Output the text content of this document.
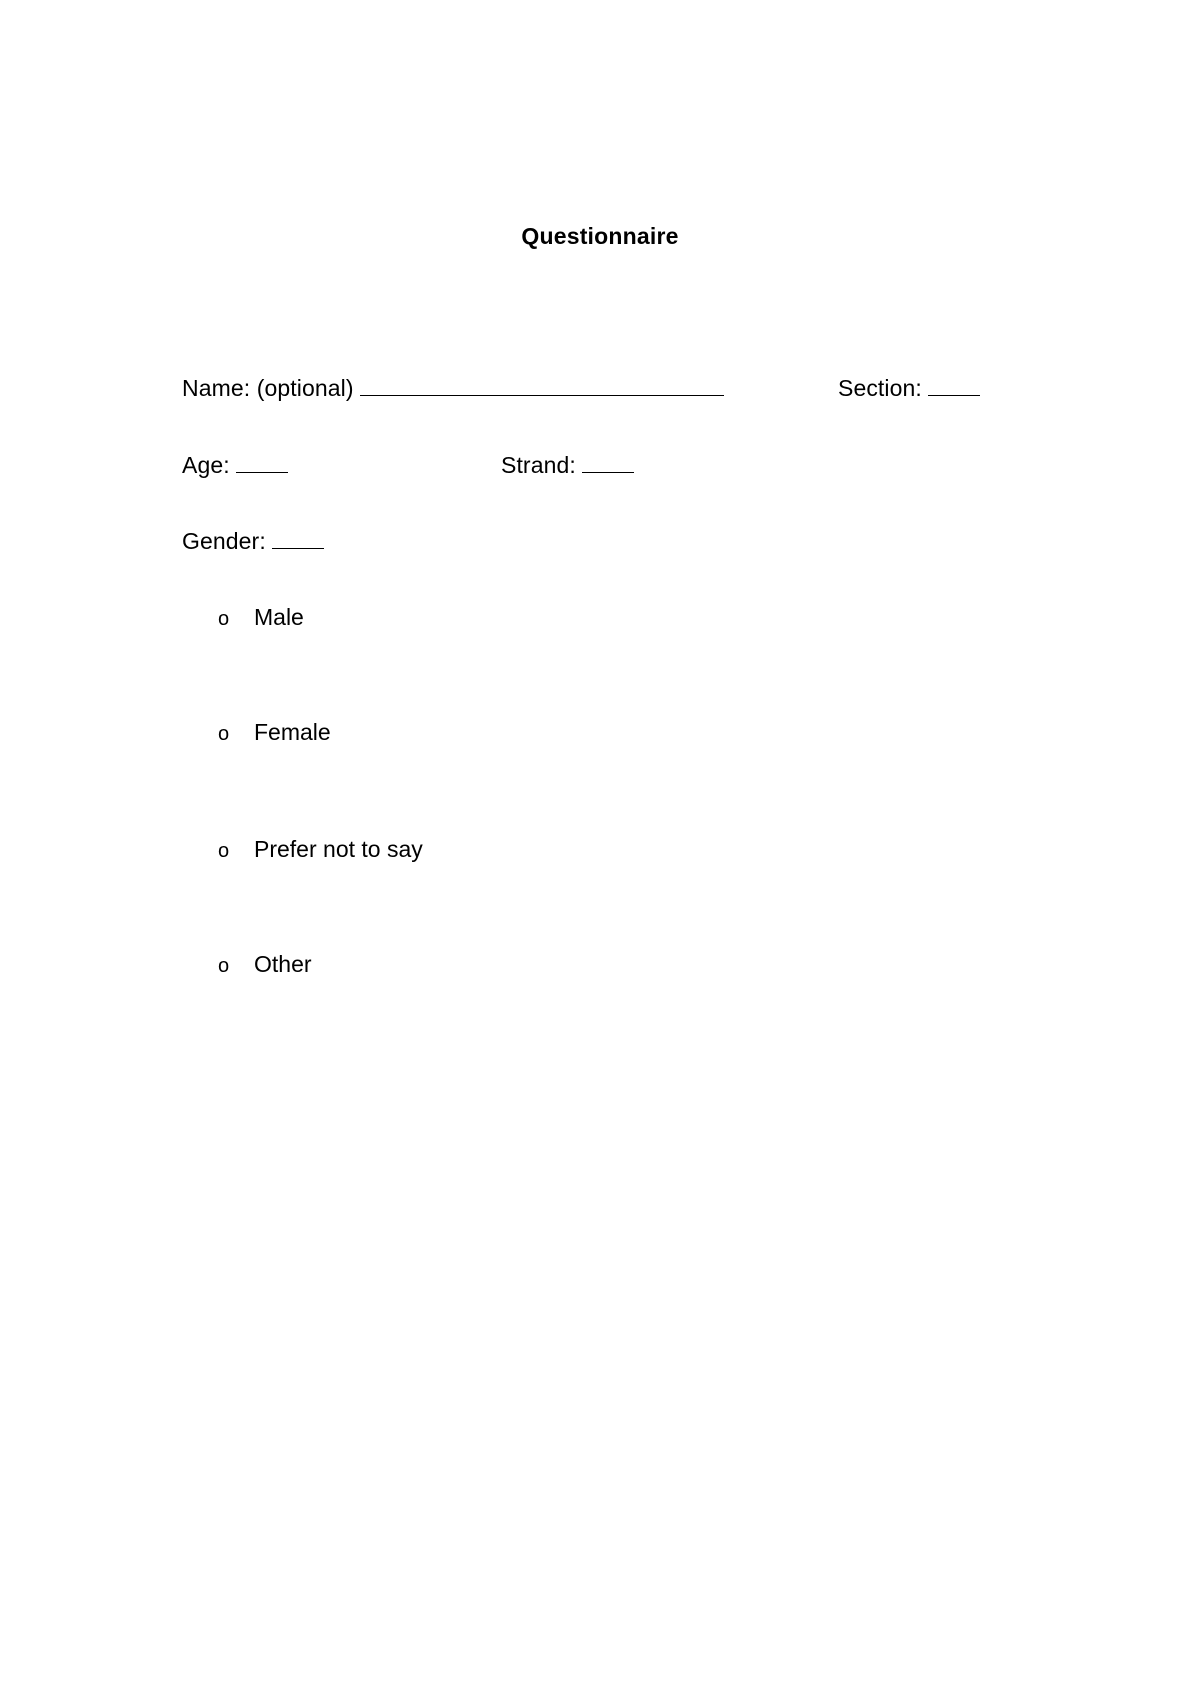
Questionnaire
Name: (optional)	Section:
Age:	Strand:
Gender:
o Male
o Female
o Prefer not to say
o Other
